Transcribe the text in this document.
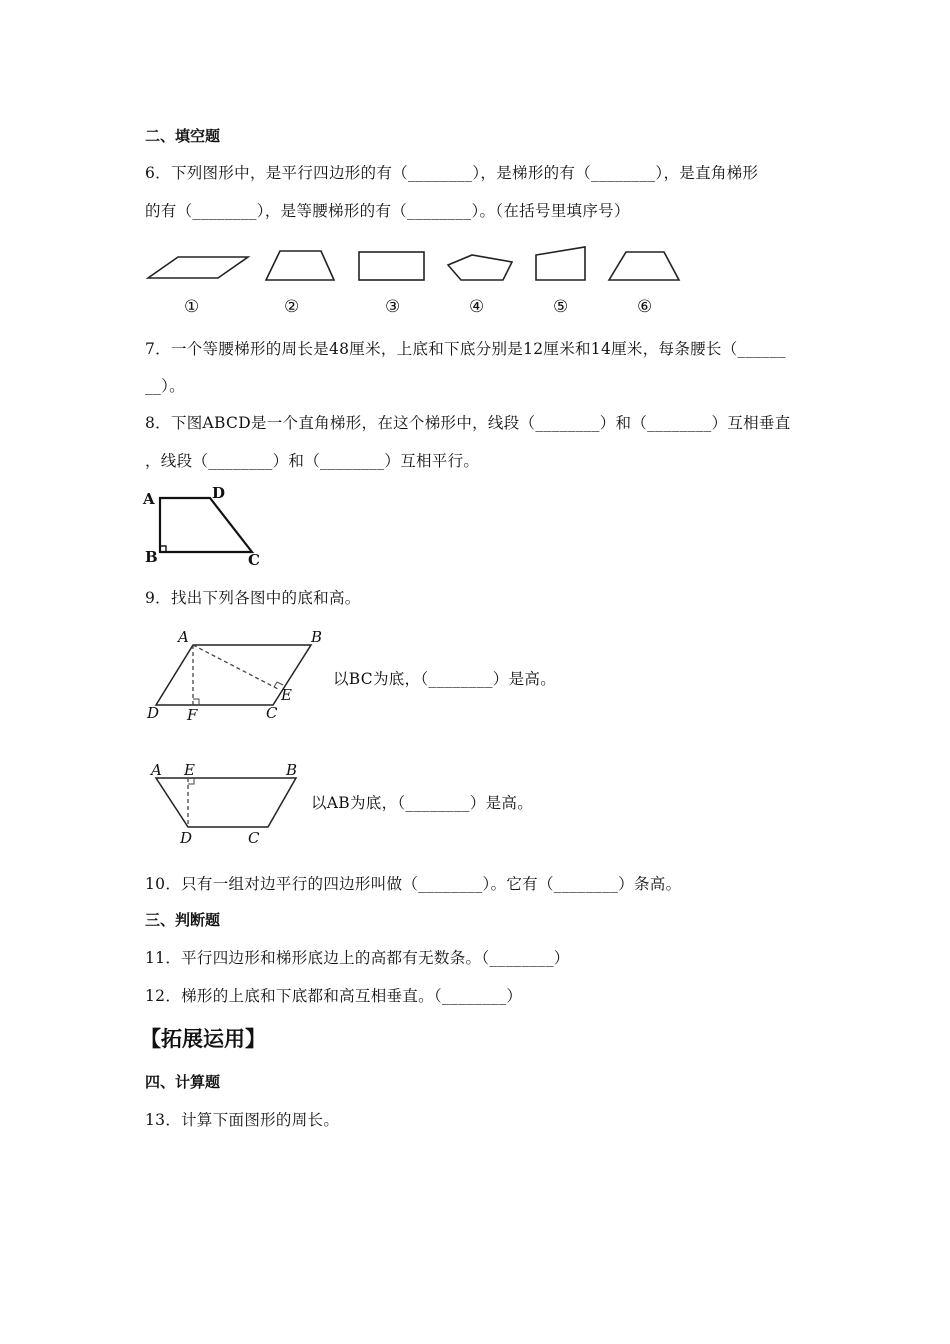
二、填空题
6．下列图形中，是平行四边形的有（________），是梯形的有（________），是直角梯形
的有（________），是等腰梯形的有（________）。（在括号里填序号）
①	②	③	④	⑤	⑥
7．一个等腰梯形的周长是48厘米，上底和下底分别是12厘米和14厘米，每条腰长（______
__）。
8．下图ABCD是一个直角梯形，在这个梯形中，线段（________）和（________）互相垂直
，线段（________）和（________）互相平行。
A	D
B	C
9．找出下列各图中的底和高。
A	B
E
D F	C
以BC为底，（________）是高。
A E	B
D	C
以AB为底，（________）是高。
10．只有一组对边平行的四边形叫做（________）。它有（________）条高。
三、判断题
11．平行四边形和梯形底边上的高都有无数条。（________）
12．梯形的上底和下底都和高互相垂直。（________）
【拓展运用】
四、计算题
13．计算下面图形的周长。
